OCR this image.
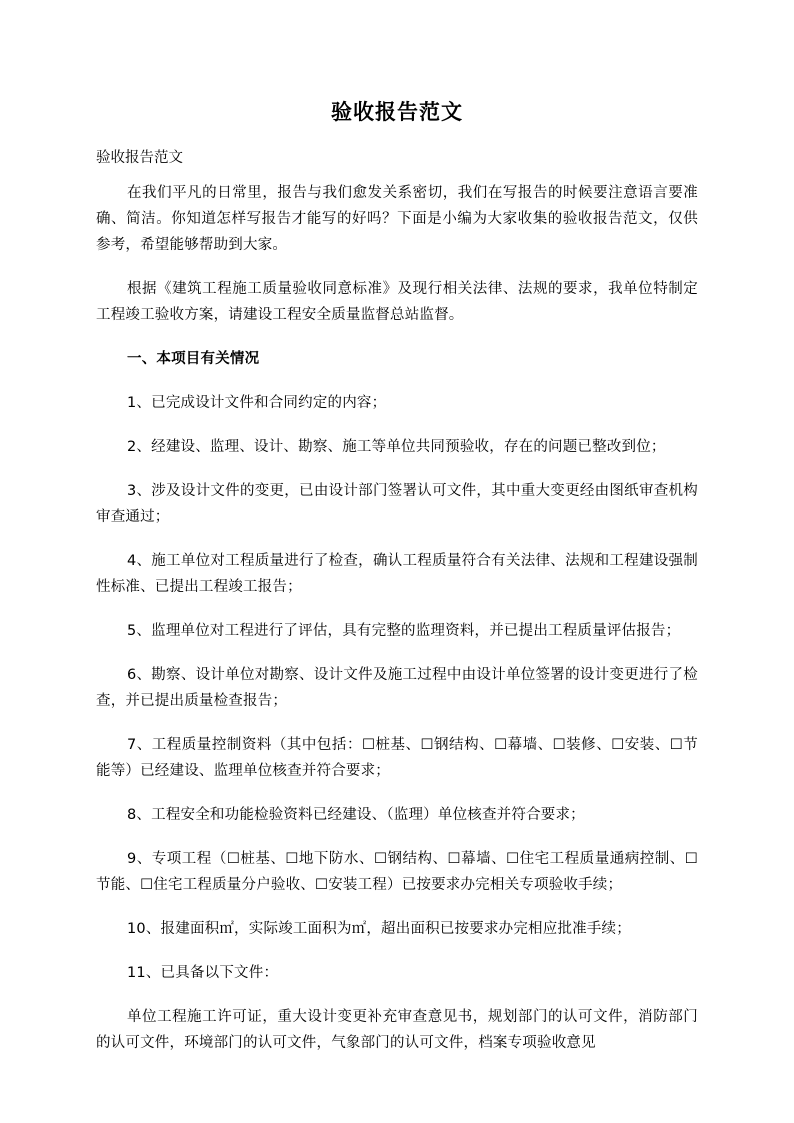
验收报告范文
验收报告范文

在我们平凡的日常里，报告与我们愈发关系密切，我们在写报告的时候要注意语言要准确、简洁。你知道怎样写报告才能写的好吗？下面是小编为大家收集的验收报告范文，仅供参考，希望能够帮助到大家。

根据《建筑工程施工质量验收同意标准》及现行相关法律、法规的要求，我单位特制定工程竣工验收方案，请建设工程安全质量监督总站监督。

一、本项目有关情况

1、已完成设计文件和合同约定的内容；

2、经建设、监理、设计、勘察、施工等单位共同预验收，存在的问题已整改到位；

3、涉及设计文件的变更，已由设计部门签署认可文件，其中重大变更经由图纸审查机构审查通过；

4、施工单位对工程质量进行了检查，确认工程质量符合有关法律、法规和工程建设强制性标准、已提出工程竣工报告；

5、监理单位对工程进行了评估，具有完整的监理资料，并已提出工程质量评估报告；

6、勘察、设计单位对勘察、设计文件及施工过程中由设计单位签署的设计变更进行了检查，并已提出质量检查报告；

7、工程质量控制资料（其中包括：☐桩基、☐钢结构、☐幕墙、☐装修、☐安装、☐节能等）已经建设、监理单位核查并符合要求；

8、工程安全和功能检验资料已经建设、（监理）单位核查并符合要求；

9、专项工程（☐桩基、☐地下防水、☐钢结构、☐幕墙、☐住宅工程质量通病控制、☐节能、☐住宅工程质量分户验收、☐安装工程）已按要求办完相关专项验收手续；

10、报建面积㎡，实际竣工面积为㎡，超出面积已按要求办完相应批准手续；

11、已具备以下文件：

单位工程施工许可证，重大设计变更补充审查意见书，规划部门的认可文件，消防部门的认可文件，环境部门的认可文件，气象部门的认可文件，档案专项验收意见
